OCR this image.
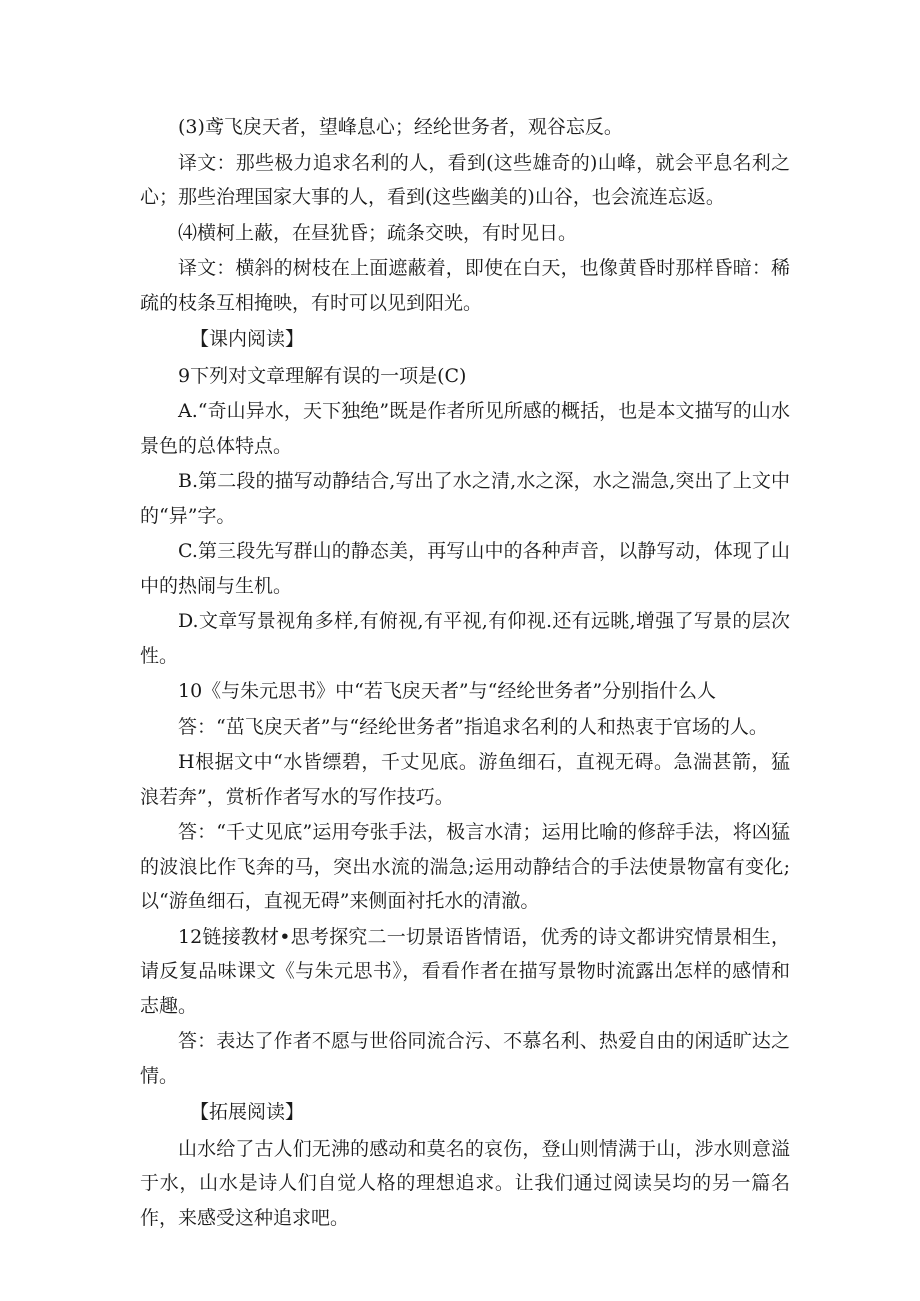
(3)鸢飞戾天者，望峰息心；经纶世务者，观谷忘反。

译文：那些极力追求名利的人，看到(这些雄奇的)山峰，就会平息名利之心；那些治理国家大事的人，看到(这些幽美的)山谷，也会流连忘返。

⑷横柯上蔽，在昼犹昏；疏条交映，有时见日。

译文：横斜的树枝在上面遮蔽着，即使在白天，也像黄昏时那样昏暗：稀疏的枝条互相掩映，有时可以见到阳光。

【课内阅读】

9下列对文章理解有误的一项是(C)

A.“奇山异水，天下独绝”既是作者所见所感的概括，也是本文描写的山水景色的总体特点。

B.第二段的描写动静结合,写出了水之清,水之深，水之湍急,突出了上文中的“异”字。

C.第三段先写群山的静态美，再写山中的各种声音，以静写动，体现了山中的热闹与生机。

D.文章写景视角多样,有俯视,有平视,有仰视.还有远眺,增强了写景的层次性。

10《与朱元思书》中“若飞戾天者”与“经纶世务者”分别指什么人

答：“茁飞戾天者”与“经纶世务者”指追求名利的人和热衷于官场的人。

H根据文中“水皆缥碧，千丈见底。游鱼细石，直视无碍。急湍甚箭，猛浪若奔”，赏析作者写水的写作技巧。

答：“千丈见底”运用夸张手法，极言水清；运用比喻的修辞手法，将凶猛的波浪比作飞奔的马，突出水流的湍急;运用动静结合的手法使景物富有变化;以“游鱼细石，直视无碍”来侧面衬托水的清澈。

12链接教材•思考探究二一切景语皆情语，优秀的诗文都讲究情景相生，请反复品味课文《与朱元思书》，看看作者在描写景物时流露出怎样的感情和志趣。

答：表达了作者不愿与世俗同流合污、不慕名利、热爱自由的闲适旷达之情。

【拓展阅读】

山水给了古人们无沸的感动和莫名的哀伤，登山则情满于山，涉水则意溢于水，山水是诗人们自觉人格的理想追求。让我们通过阅读吴均的另一篇名作，来感受这种追求吧。
